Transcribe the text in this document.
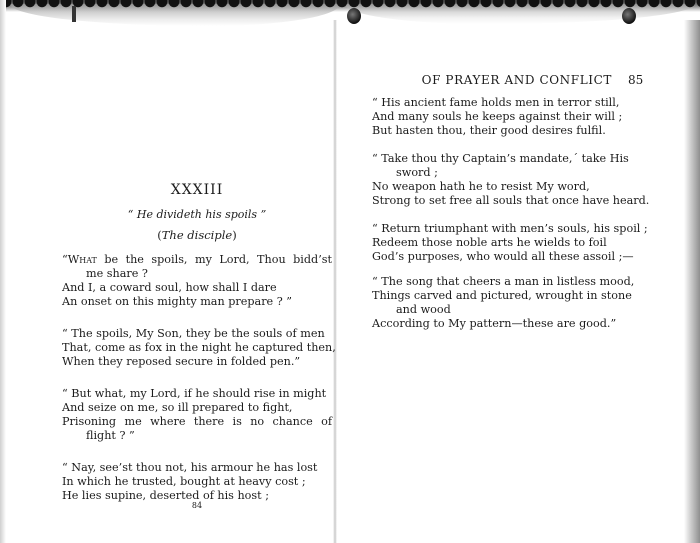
XXXIII
“ He divideth his spoils ”
(The disciple)
“What be the spoils, my Lord, Thou bidd’st
me share ?
And I, a coward soul, how shall I dare
An onset on this mighty man prepare ? ”
“ The spoils, My Son, they be the souls of men
That, come as fox in the night he captured then,
When they reposed secure in folded pen.”
“ But what, my Lord, if he should rise in might
And seize on me, so ill prepared to fight,
Prisoning me where there is no chance of
flight ? ”
“ Nay, see’st thou not, his armour he has lost
In which he trusted, bought at heavy cost ;
He lies supine, deserted of his host ;
84
OF PRAYER AND CONFLICT 85
“ His ancient fame holds men in terror still,
And many souls he keeps against their will ;
But hasten thou, their good desires fulfil.
“ Take thou thy Captain’s mandate,´ take His
sword ;
No weapon hath he to resist My word,
Strong to set free all souls that once have heard.
“ Return triumphant with men’s souls, his spoil ;
Redeem those noble arts he wields to foil
God’s purposes, who would all these assoil ;—
“ The song that cheers a man in listless mood,
Things carved and pictured, wrought in stone
and wood
According to My pattern—these are good.”
